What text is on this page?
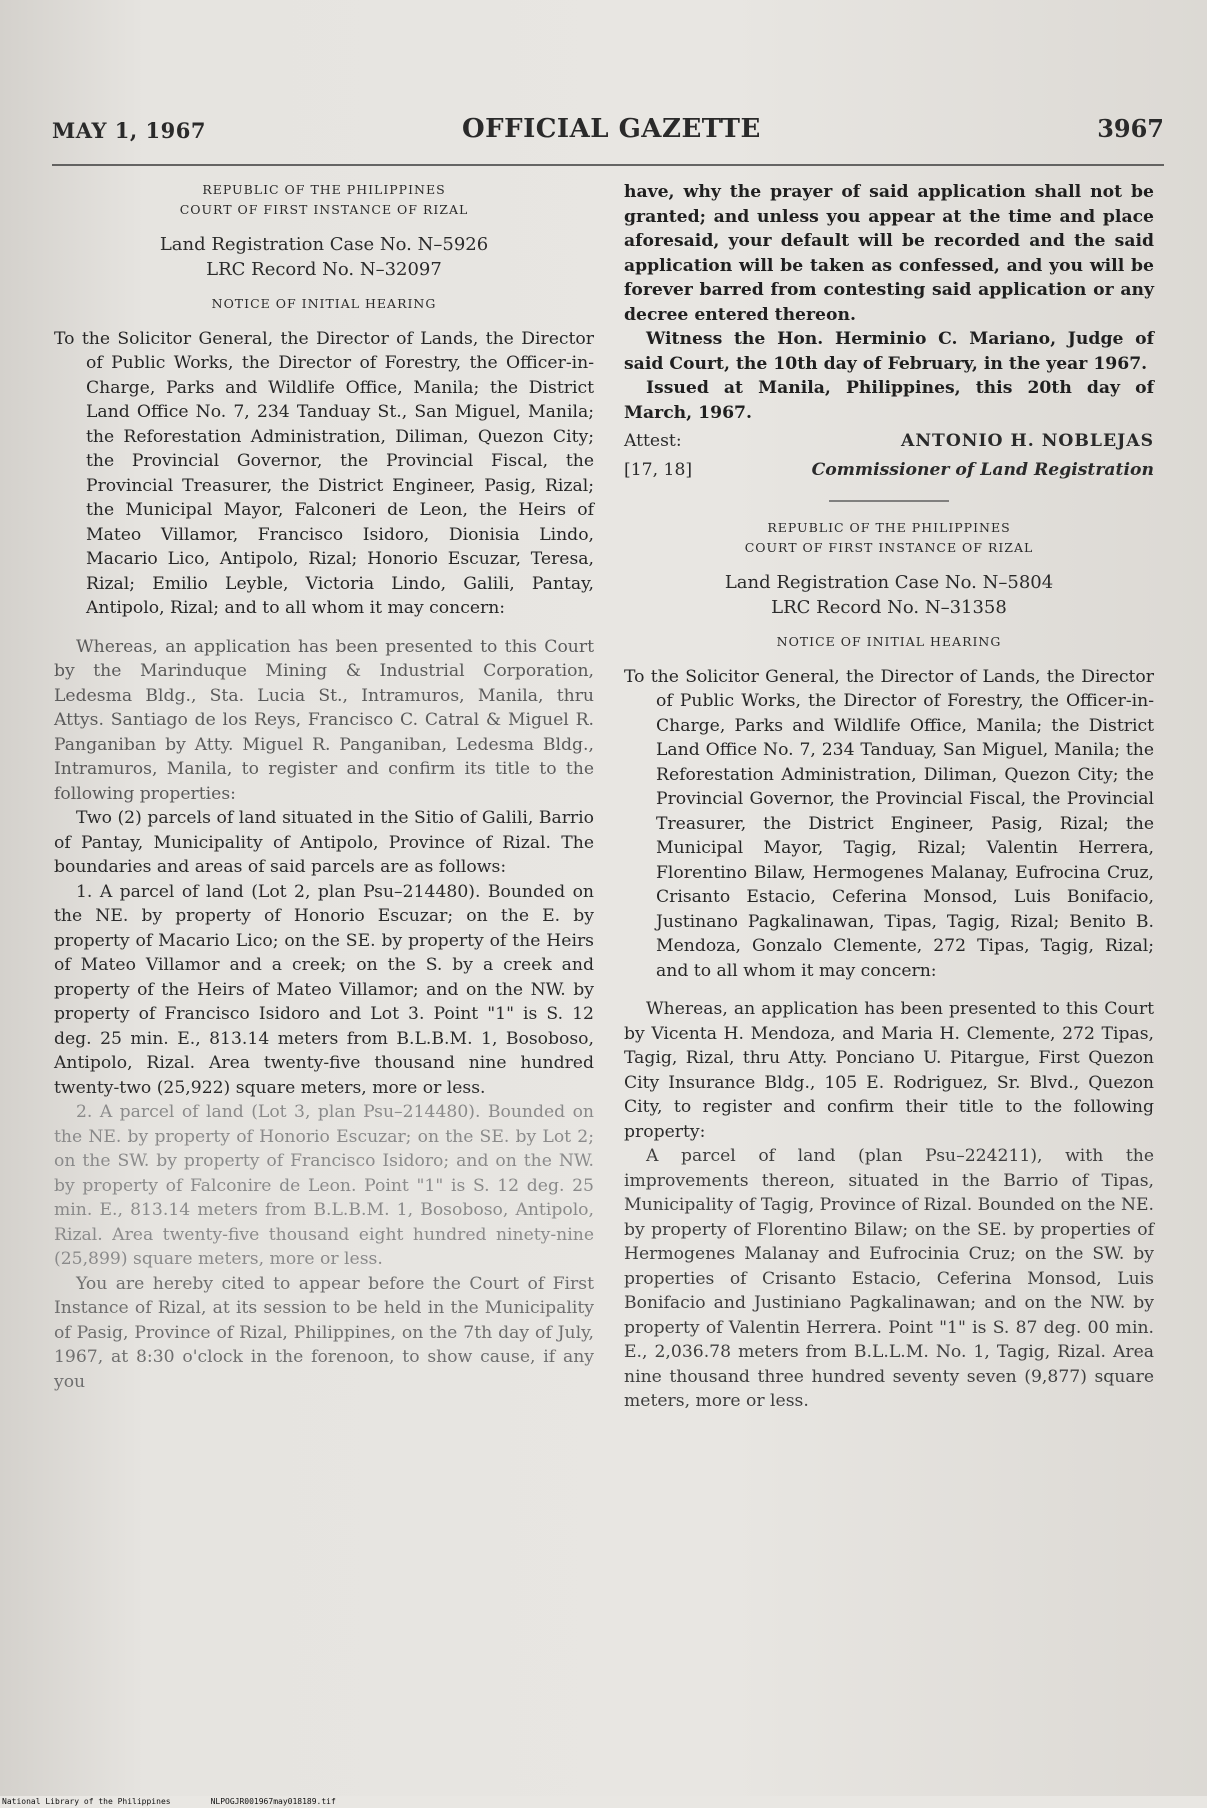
MAY 1, 1967	OFFICIAL GAZETTE	3967
REPUBLIC OF THE PHILIPPINES
COURT OF FIRST INSTANCE OF RIZAL
Land Registration Case No. N–5926
LRC Record No. N–32097
NOTICE OF INITIAL HEARING

To the Solicitor General, the Director of Lands, the Director of Public Works, the Director of Forestry, the Officer-in-Charge, Parks and Wildlife Office, Manila; the District Land Office No. 7, 234 Tanduay St., San Miguel, Manila; the Reforestation Administration, Diliman, Quezon City; the Provincial Governor, the Provincial Fiscal, the Provincial Treasurer, the District Engineer, Pasig, Rizal; the Municipal Mayor, Falconeri de Leon, the Heirs of Mateo Villamor, Francisco Isidoro, Dionisia Lindo, Macario Lico, Antipolo, Rizal; Honorio Escuzar, Teresa, Rizal; Emilio Leyble, Victoria Lindo, Galili, Pantay, Antipolo, Rizal; and to all whom it may concern:

Whereas, an application has been presented to this Court by the Marinduque Mining & Industrial Corporation, Ledesma Bldg., Sta. Lucia St., Intramuros, Manila, thru Attys. Santiago de los Reys, Francisco C. Catral & Miguel R. Panganiban by Atty. Miguel R. Panganiban, Ledesma Bldg., Intramuros, Manila, to register and confirm its title to the following properties:

Two (2) parcels of land situated in the Sitio of Galili, Barrio of Pantay, Municipality of Antipolo, Province of Rizal. The boundaries and areas of said parcels are as follows:

1. A parcel of land (Lot 2, plan Psu–214480). Bounded on the NE. by property of Honorio Escuzar; on the E. by property of Macario Lico; on the SE. by property of the Heirs of Mateo Villamor and a creek; on the S. by a creek and property of the Heirs of Mateo Villamor; and on the NW. by property of Francisco Isidoro and Lot 3. Point "1" is S. 12 deg. 25 min. E., 813.14 meters from B.L.B.M. 1, Bosoboso, Antipolo, Rizal. Area twenty-five thousand nine hundred twenty-two (25,922) square meters, more or less.

2. A parcel of land (Lot 3, plan Psu–214480). Bounded on the NE. by property of Honorio Escuzar; on the SE. by Lot 2; on the SW. by property of Francisco Isidoro; and on the NW. by property of Falconire de Leon. Point "1" is S. 12 deg. 25 min. E., 813.14 meters from B.L.B.M. 1, Bosoboso, Antipolo, Rizal. Area twenty-five thousand eight hundred ninety-nine (25,899) square meters, more or less.

You are hereby cited to appear before the Court of First Instance of Rizal, at its session to be held in the Municipality of Pasig, Province of Rizal, Philippines, on the 7th day of July, 1967, at 8:30 o'clock in the forenoon, to show cause, if any you

have, why the prayer of said application shall not be granted; and unless you appear at the time and place aforesaid, your default will be recorded and the said application will be taken as confessed, and you will be forever barred from contesting said application or any decree entered thereon.

Witness the Hon. Herminio C. Mariano, Judge of said Court, the 10th day of February, in the year 1967.

Issued at Manila, Philippines, this 20th day of March, 1967.

Attest:	ANTONIO H. NOBLEJAS
[17, 18]	Commissioner of Land Registration
REPUBLIC OF THE PHILIPPINES
COURT OF FIRST INSTANCE OF RIZAL
Land Registration Case No. N–5804
LRC Record No. N–31358
NOTICE OF INITIAL HEARING

To the Solicitor General, the Director of Lands, the Director of Public Works, the Director of Forestry, the Officer-in-Charge, Parks and Wildlife Office, Manila; the District Land Office No. 7, 234 Tanduay, San Miguel, Manila; the Reforestation Administration, Diliman, Quezon City; the Provincial Governor, the Provincial Fiscal, the Provincial Treasurer, the District Engineer, Pasig, Rizal; the Municipal Mayor, Tagig, Rizal; Valentin Herrera, Florentino Bilaw, Hermogenes Malanay, Eufrocina Cruz, Crisanto Estacio, Ceferina Monsod, Luis Bonifacio, Justinano Pagkalinawan, Tipas, Tagig, Rizal; Benito B. Mendoza, Gonzalo Clemente, 272 Tipas, Tagig, Rizal; and to all whom it may concern:

Whereas, an application has been presented to this Court by Vicenta H. Mendoza, and Maria H. Clemente, 272 Tipas, Tagig, Rizal, thru Atty. Ponciano U. Pitargue, First Quezon City Insurance Bldg., 105 E. Rodriguez, Sr. Blvd., Quezon City, to register and confirm their title to the following property:

A parcel of land (plan Psu–224211), with the improvements thereon, situated in the Barrio of Tipas, Municipality of Tagig, Province of Rizal. Bounded on the NE. by property of Florentino Bilaw; on the SE. by properties of Hermogenes Malanay and Eufrocinia Cruz; on the SW. by properties of Crisanto Estacio, Ceferina Monsod, Luis Bonifacio and Justiniano Pagkalinawan; and on the NW. by property of Valentin Herrera. Point "1" is S. 87 deg. 00 min. E., 2,036.78 meters from B.L.L.M. No. 1, Tagig, Rizal. Area nine thousand three hundred seventy seven (9,877) square meters, more or less.

National Library of the Philippines	NLPOGJR001967may018189.tif
